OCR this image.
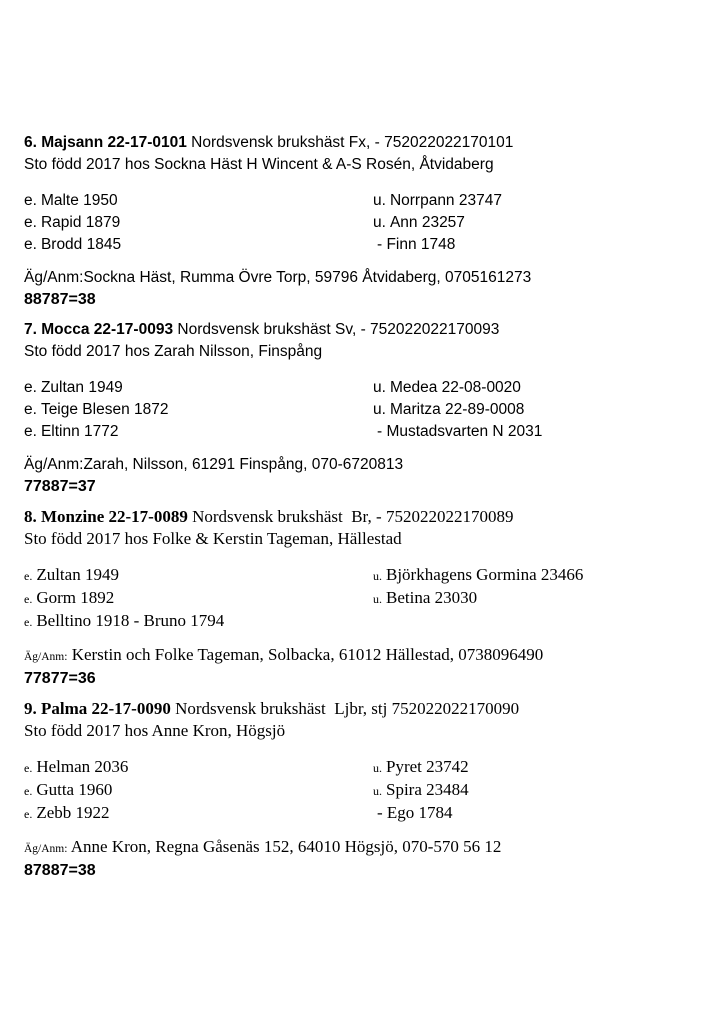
6. Majsann 22-17-0101 Nordsvensk brukshäst Fx, - 752022022170101
Sto född 2017 hos Sockna Häst H Wincent & A-S Rosén, Åtvidaberg
e. Malte 1950	u. Norrpann 23747
e. Rapid 1879	u. Ann 23257
e. Brodd 1845	- Finn 1748
Äg/Anm:Sockna Häst, Rumma Övre Torp, 59796 Åtvidaberg, 0705161273
88787=38
7. Mocca 22-17-0093 Nordsvensk brukshäst Sv, - 752022022170093
Sto född 2017 hos Zarah Nilsson, Finspång
e. Zultan 1949	u. Medea 22-08-0020
e. Teige Blesen 1872	u. Maritza 22-89-0008
e. Eltinn 1772	- Mustadsvarten N 2031
Äg/Anm:Zarah, Nilsson, 61291 Finspång, 070-6720813
77887=37
8. Monzine 22-17-0089 Nordsvensk brukshäst  Br, - 752022022170089
Sto född 2017 hos Folke & Kerstin Tageman, Hällestad
e. Zultan 1949	u. Björkhagens Gormina 23466
e. Gorm 1892	u. Betina 23030
e. Belltino 1918 - Bruno 1794
Äg/Anm: Kerstin och Folke Tageman, Solbacka, 61012 Hällestad, 0738096490
77877=36
9. Palma 22-17-0090 Nordsvensk brukshäst  Ljbr, stj 752022022170090
Sto född 2017 hos Anne Kron, Högsjö
e. Helman 2036	u. Pyret 23742
e. Gutta 1960	u. Spira 23484
e. Zebb 1922	- Ego 1784
Äg/Anm: Anne Kron, Regna Gåsenäs 152, 64010 Högsjö, 070-570 56 12
87887=38
